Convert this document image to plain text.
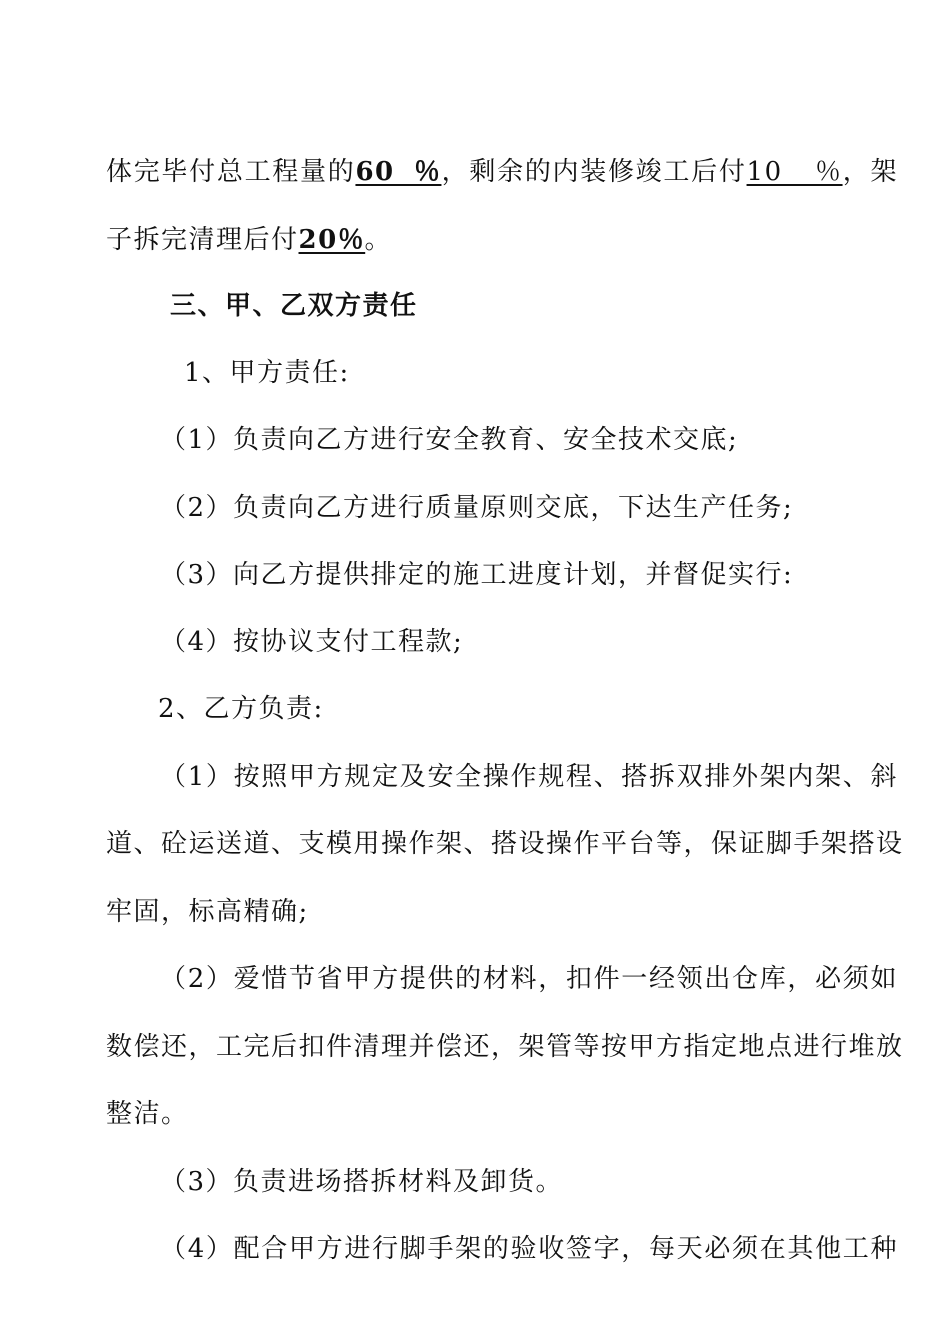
体完毕付总工程量的60％，剩余的内装修竣工后付10％，架
子拆完清理后付20％。
三、甲、乙双方责任
1、甲方责任:
（1）负责向乙方进行安全教育、安全技术交底;
（2）负责向乙方进行质量原则交底，下达生产任务;
（3）向乙方提供排定的施工进度计划，并督促实行:
（4）按协议支付工程款;
2、乙方负责:
（1）按照甲方规定及安全操作规程、搭拆双排外架内架、斜
道、砼运送道、支模用操作架、搭设操作平台等，保证脚手架搭设
牢固，标高精确;
（2）爱惜节省甲方提供的材料，扣件一经领出仓库，必须如
数偿还，工完后扣件清理并偿还，架管等按甲方指定地点进行堆放
整洁。
（3）负责进场搭拆材料及卸货。
（4）配合甲方进行脚手架的验收签字，每天必须在其他工种
